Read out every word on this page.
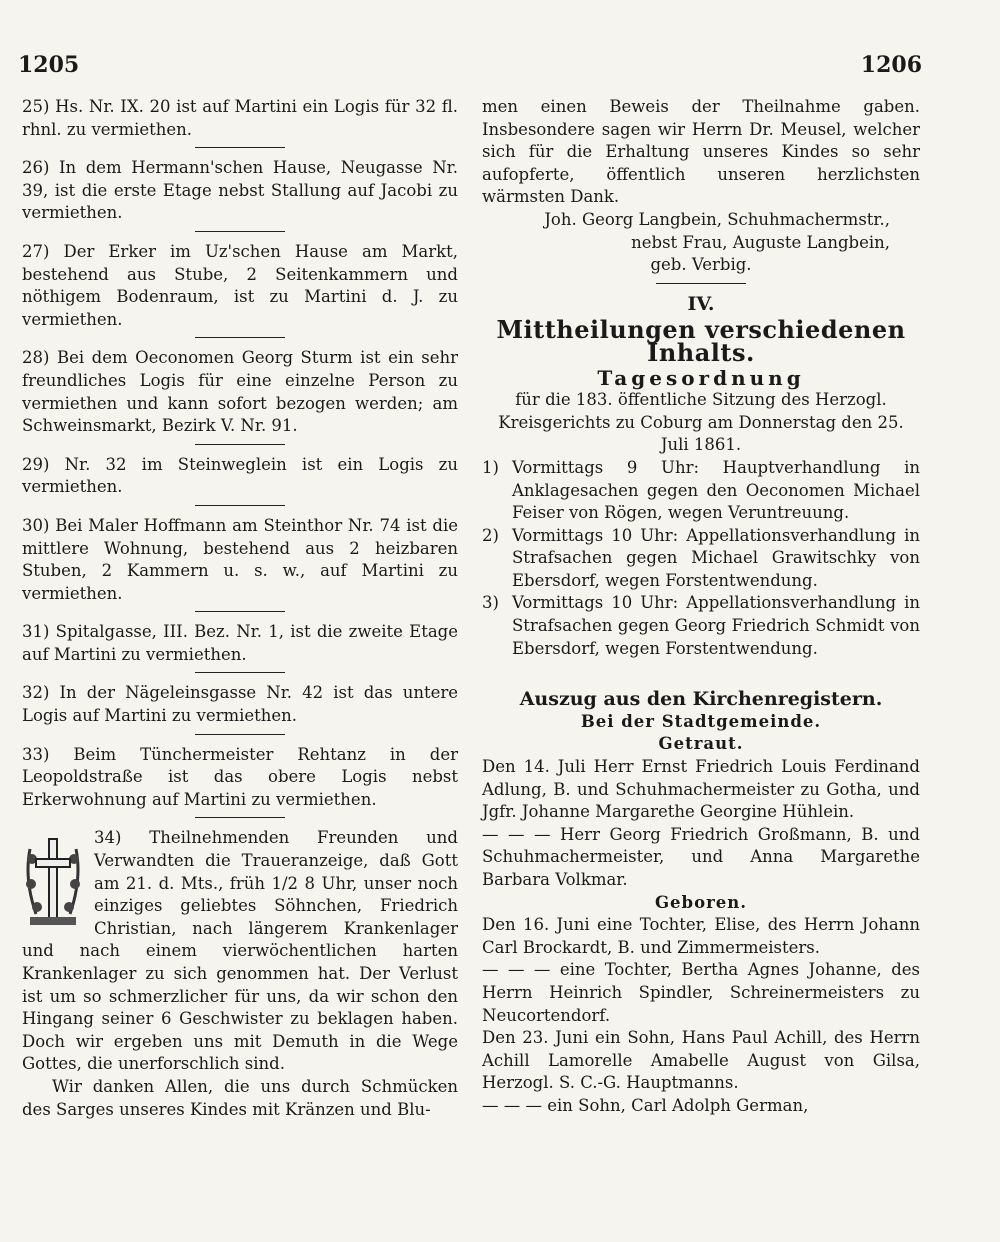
1205	1206

25) Hs. Nr. IX. 20 ist auf Martini ein Logis für 32 fl. rhnl. zu vermiethen.

26) In dem Hermann'schen Hause, Neugasse Nr. 39, ist die erste Etage nebst Stallung auf Jacobi zu vermiethen.

27) Der Erker im Uz'schen Hause am Markt, bestehend aus Stube, 2 Seitenkammern und nöthigem Bodenraum, ist zu Martini d. J. zu vermiethen.

28) Bei dem Oeconomen Georg Sturm ist ein sehr freundliches Logis für eine einzelne Person zu vermiethen und kann sofort bezogen werden; am Schweinsmarkt, Bezirk V. Nr. 91.

29) Nr. 32 im Steinweglein ist ein Logis zu vermiethen.

30) Bei Maler Hoffmann am Steinthor Nr. 74 ist die mittlere Wohnung, bestehend aus 2 heizbaren Stuben, 2 Kammern u. s. w., auf Martini zu vermiethen.

31) Spitalgasse, III. Bez. Nr. 1, ist die zweite Etage auf Martini zu vermiethen.

32) In der Nägeleinsgasse Nr. 42 ist das untere Logis auf Martini zu vermiethen.

33) Beim Tünchermeister Rehtanz in der Leopoldstraße ist das obere Logis nebst Erkerwohnung auf Martini zu vermiethen.

34) Theilnehmenden Freunden und Verwandten die Traueranzeige, daß Gott am 21. d. Mts., früh 1/2 8 Uhr, unser noch einziges geliebtes Söhnchen, Friedrich Christian, nach längerem Krankenlager und nach einem vierwöchentlichen harten Krankenlager zu sich genommen hat. Der Verlust ist um so schmerzlicher für uns, da wir schon den Hingang seiner 6 Geschwister zu beklagen haben. Doch wir ergeben uns mit Demuth in die Wege Gottes, die unerforschlich sind.

Wir danken Allen, die uns durch Schmücken des Sarges unseres Kindes mit Kränzen und Blu-

men einen Beweis der Theilnahme gaben. Insbesondere sagen wir Herrn Dr. Meusel, welcher sich für die Erhaltung unseres Kindes so sehr aufopferte, öffentlich unseren herzlichsten wärmsten Dank.

Joh. Georg Langbein, Schuhmachermstr.,

nebst Frau, Auguste Langbein,

geb. Verbig.

IV.

Mittheilungen verschiedenen Inhalts.

Tagesordnung

für die 183. öffentliche Sitzung des Herzogl. Kreisgerichts zu Coburg am Donnerstag den 25. Juli 1861.

1) Vormittags 9 Uhr: Hauptverhandlung in Anklagesachen gegen den Oeconomen Michael Feiser von Rögen, wegen Veruntreuung.
2) Vormittags 10 Uhr: Appellationsverhandlung in Strafsachen gegen Michael Grawitschky von Ebersdorf, wegen Forstentwendung.
3) Vormittags 10 Uhr: Appellationsverhandlung in Strafsachen gegen Georg Friedrich Schmidt von Ebersdorf, wegen Forstentwendung.

Auszug aus den Kirchenregistern.

Bei der Stadtgemeinde.

Getraut.

Den 14. Juli Herr Ernst Friedrich Louis Ferdinand Adlung, B. und Schuhmachermeister zu Gotha, und Jgfr. Johanne Margarethe Georgine Hühlein.

— — — Herr Georg Friedrich Großmann, B. und Schuhmachermeister, und Anna Margarethe Barbara Volkmar.

Geboren.

Den 16. Juni eine Tochter, Elise, des Herrn Johann Carl Brockardt, B. und Zimmermeisters.

— — — eine Tochter, Bertha Agnes Johanne, des Herrn Heinrich Spindler, Schreinermeisters zu Neucortendorf.

Den 23. Juni ein Sohn, Hans Paul Achill, des Herrn Achill Lamorelle Amabelle August von Gilsa, Herzogl. S. C.-G. Hauptmanns.

— — — ein Sohn, Carl Adolph German,
